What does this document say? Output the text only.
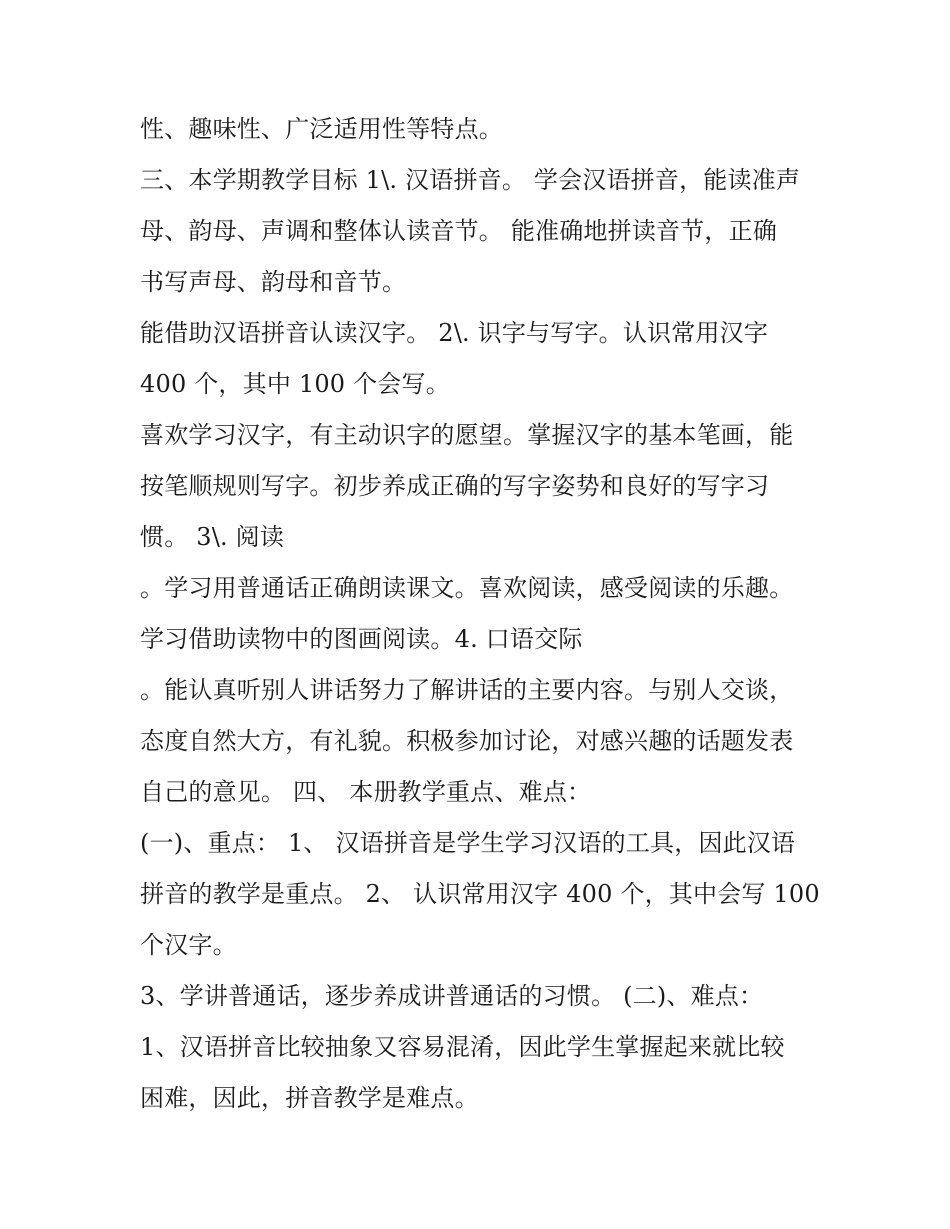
性、趣味性、广泛适用性等特点。
三、本学期教学目标 1\. 汉语拼音。 学会汉语拼音，能读准声
母、韵母、声调和整体认读音节。 能准确地拼读音节，正确
书写声母、韵母和音节。
能借助汉语拼音认读汉字。 2\. 识字与写字。认识常用汉字
400 个，其中 100 个会写。
喜欢学习汉字，有主动识字的愿望。掌握汉字的基本笔画，能
按笔顺规则写字。初步养成正确的写字姿势和良好的写字习
惯。 3\. 阅读
。学习用普通话正确朗读课文。喜欢阅读，感受阅读的乐趣。
学习借助读物中的图画阅读。4. 口语交际
。能认真听别人讲话努力了解讲话的主要内容。与别人交谈，
态度自然大方，有礼貌。积极参加讨论，对感兴趣的话题发表
自己的意见。 四、 本册教学重点、难点：
(一)、重点： 1、 汉语拼音是学生学习汉语的工具，因此汉语
拼音的教学是重点。 2、 认识常用汉字 400 个，其中会写 100
个汉字。
3、学讲普通话，逐步养成讲普通话的习惯。 (二)、难点：
1、汉语拼音比较抽象又容易混淆，因此学生掌握起来就比较
困难，因此，拼音教学是难点。
